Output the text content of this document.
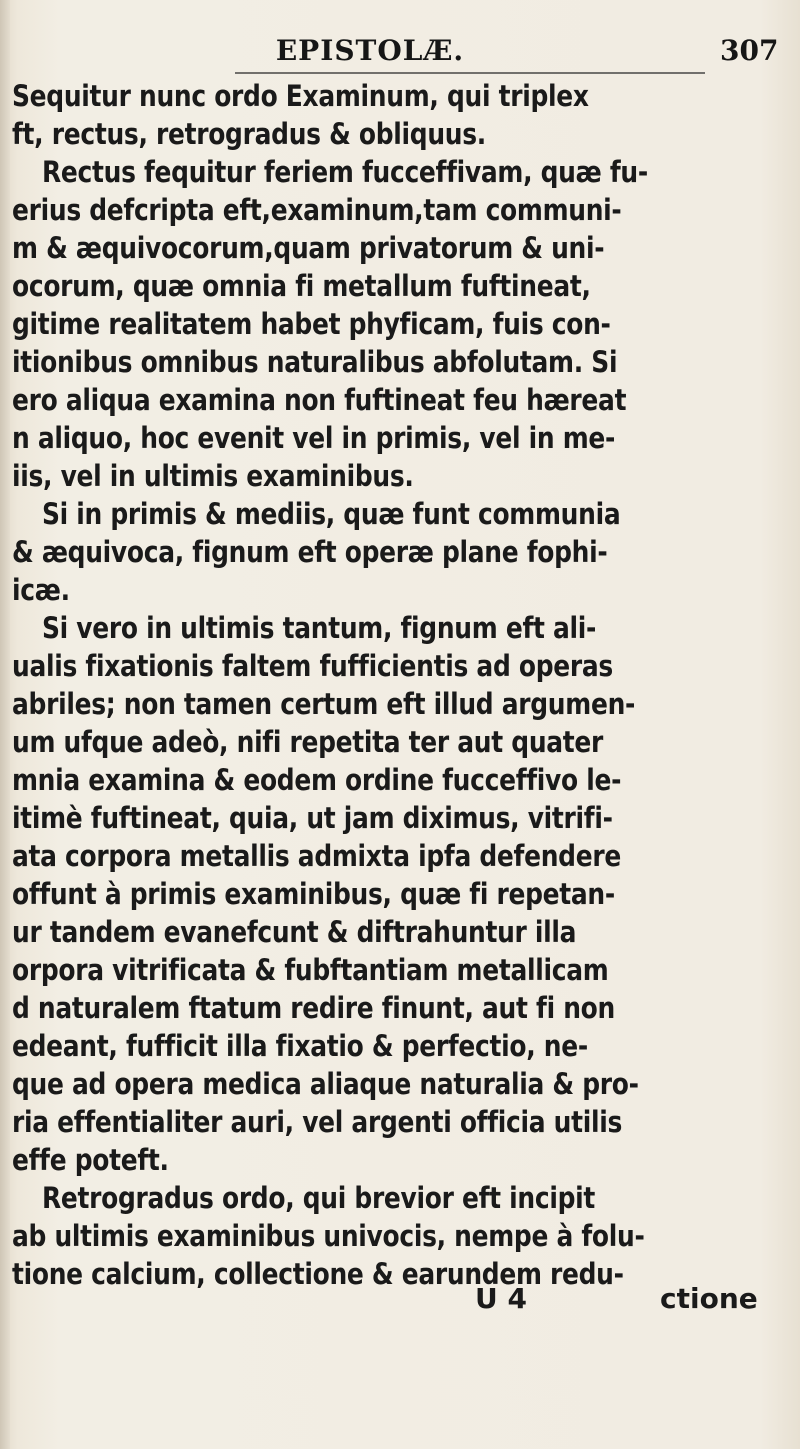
EPISTOLÆ.	307
Sequitur nunc ordo Examinum, qui triplex
ft, rectus, retrogradus & obliquus.
Rectus fequitur feriem fucceffivam, quæ fu-
erius defcripta eft,examinum,tam communi-
m & æquivocorum,quam privatorum & uni-
ocorum, quæ omnia fi metallum fuftineat,
gitime realitatem habet phyficam, fuis con-
itionibus omnibus naturalibus abfolutam. Si
ero aliqua examina non fuftineat feu hæreat
n aliquo, hoc evenit vel in primis, vel in me-
iis, vel in ultimis examinibus.
Si in primis & mediis, quæ funt communia
& æquivoca, fignum eft operæ plane fophi-
icæ.
Si vero in ultimis tantum, fignum eft ali-
ualis fixationis faltem fufficientis ad operas
abriles; non tamen certum eft illud argumen-
um ufque adeò, nifi repetita ter aut quater
mnia examina & eodem ordine fucceffivo le-
itimè fuftineat, quia, ut jam diximus, vitrifi-
ata corpora metallis admixta ipfa defendere
offunt à primis examinibus, quæ fi repetan-
ur tandem evanefcunt & diftrahuntur illa
orpora vitrificata & fubftantiam metallicam
d naturalem ftatum redire finunt, aut fi non
edeant, fufficit illa fixatio & perfectio, ne-
que ad opera medica aliaque naturalia & pro-
ria effentialiter auri, vel argenti officia utilis
effe poteft.
Retrogradus ordo, qui brevior eft incipit
ab ultimis examinibus univocis, nempe à folu-
tione calcium, collectione & earundem redu-
U 4	ctione
